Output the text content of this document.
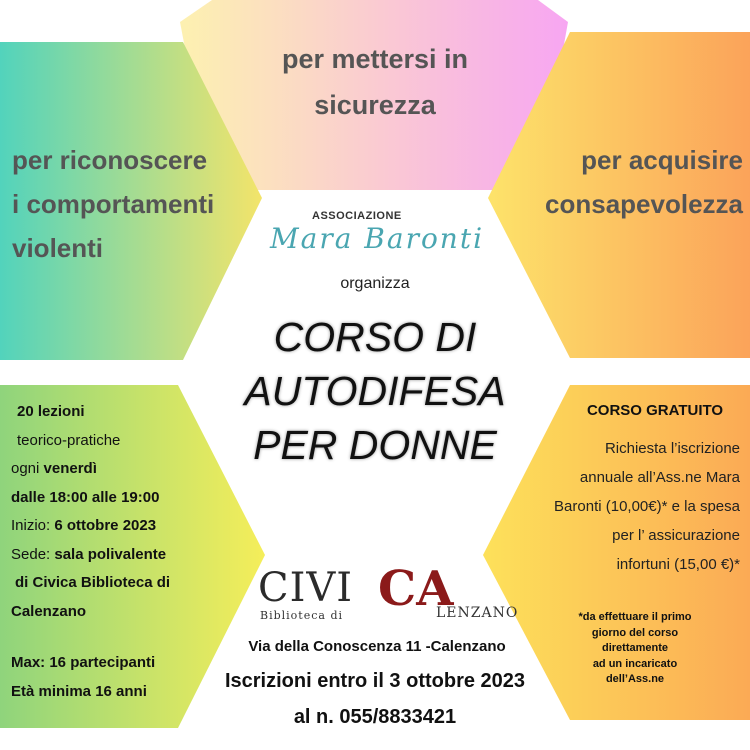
per mettersi in
sicurezza
per riconoscere
i comportamenti
violenti
per acquisire
consapevolezza
ASSOCIAZIONE
Mara Baronti
organizza
CORSO DI
AUTODIFESA
PER DONNE
20 lezioni
teorico-pratiche
ogni venerdì
dalle 18:00 alle 19:00
Inizio: 6 ottobre 2023
Sede: sala polivalente
di Civica Biblioteca di
Calenzano
Max: 16 partecipanti
Età minima 16 anni
CORSO GRATUITO
Richiesta l’iscrizione
annuale all’Ass.ne Mara
Baronti (10,00€)* e la spesa
per l’ assicurazione
infortuni (15,00 €)*
*da effettuare il primo
giorno del corso
direttamente
ad un incaricato
dell’Ass.ne
CIVI CA
Biblioteca di	LENZANO
Via della Conoscenza 11 -Calenzano
Iscrizioni entro il 3 ottobre 2023
al n. 055/8833421
